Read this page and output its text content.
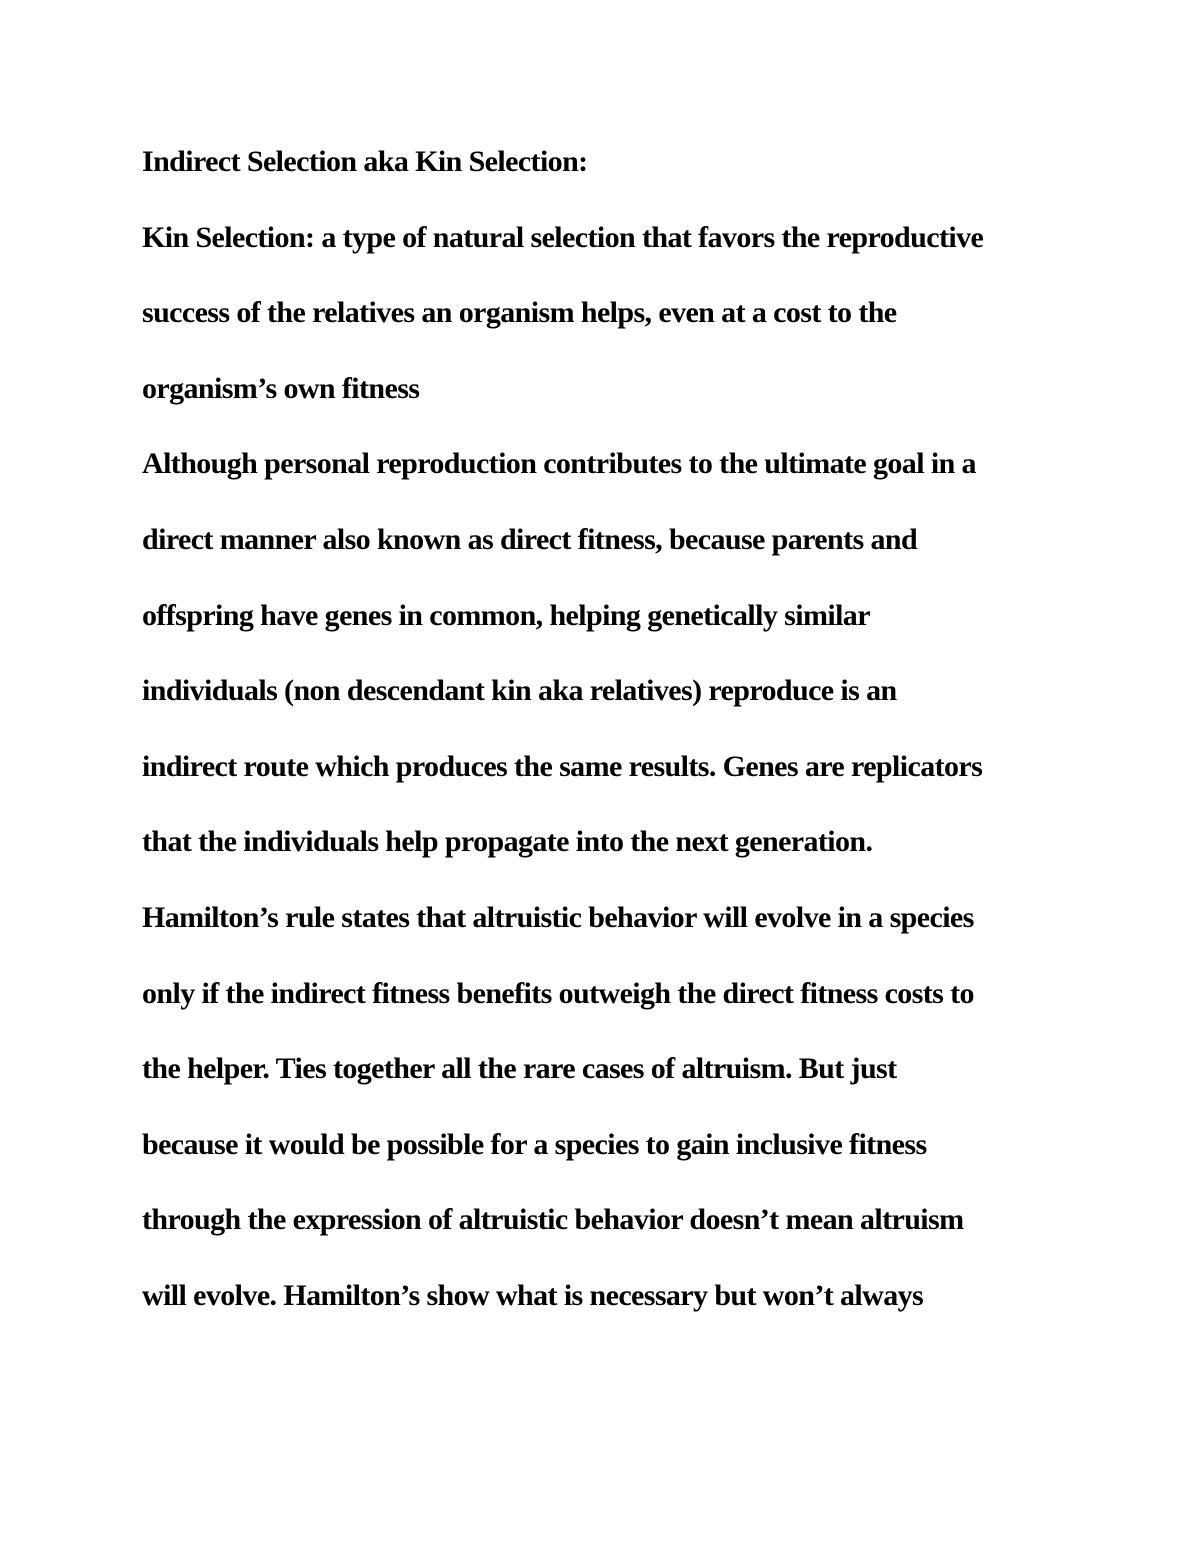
Indirect Selection aka Kin Selection:
Kin Selection: a type of natural selection that favors the reproductive
success of the relatives an organism helps, even at a cost to the
organism’s own fitness
Although personal reproduction contributes to the ultimate goal in a
direct manner also known as direct fitness, because parents and
offspring have genes in common, helping genetically similar
individuals (non descendant kin aka relatives) reproduce is an
indirect route which produces the same results. Genes are replicators
that the individuals help propagate into the next generation.
Hamilton’s rule states that altruistic behavior will evolve in a species
only if the indirect fitness benefits outweigh the direct fitness costs to
the helper. Ties together all the rare cases of altruism. But just
because it would be possible for a species to gain inclusive fitness
through the expression of altruistic behavior doesn’t mean altruism
will evolve. Hamilton’s show what is necessary but won’t always
